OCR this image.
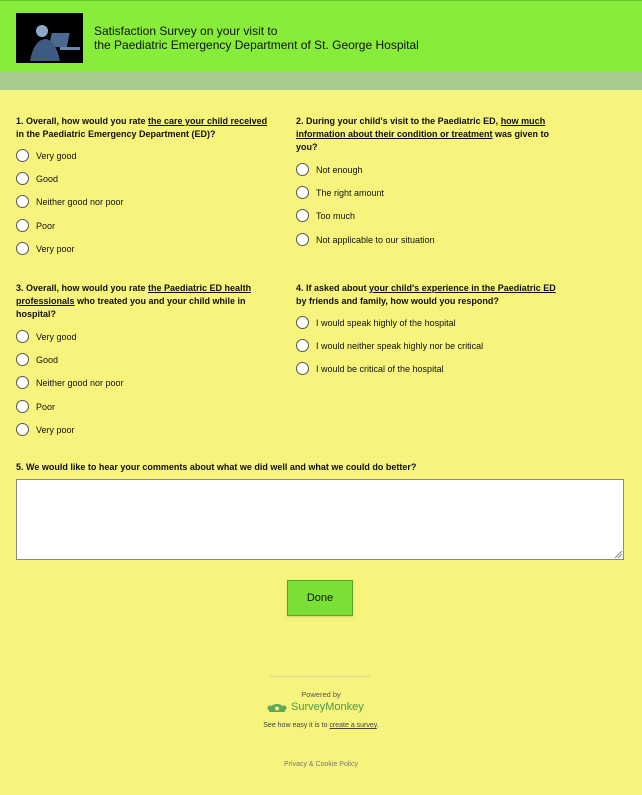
Satisfaction Survey on your visit to
the Paediatric Emergency Department of St. George Hospital
1. Overall, how would you rate the care your child received in the Paediatric Emergency Department (ED)?
Very good
Good
Neither good nor poor
Poor
Very poor
2. During your child's visit to the Paediatric ED, how much information about their condition or treatment was given to you?
Not enough
The right amount
Too much
Not applicable to our situation
3. Overall, how would you rate the Paediatric ED health professionals who treated you and your child while in hospital?
Very good
Good
Neither good nor poor
Poor
Very poor
4. If asked about your child's experience in the Paediatric ED by friends and family, how would you respond?
I would speak highly of the hospital
I would neither speak highly nor be critical
I would be critical of the hospital
5. We would like to hear your comments about what we did well and what we could do better?
Done
Powered by
SurveyMonkey
See how easy it is to create a survey.
Privacy & Cookie Policy
